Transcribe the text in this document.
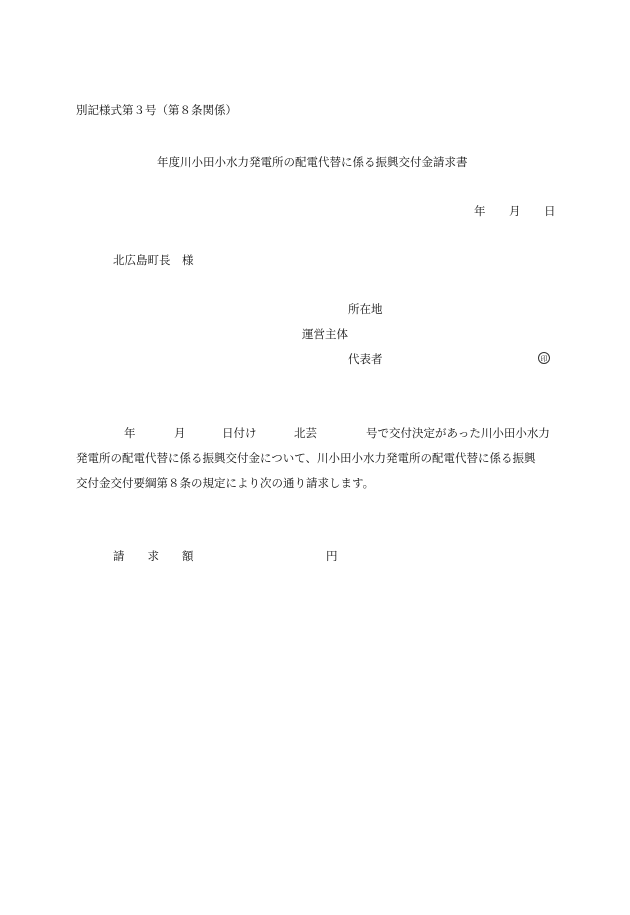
別記様式第３号（第８条関係）
年度川小田小水力発電所の配電代替に係る振興交付金請求書
年 月 日
北広島町長　様
所在地
運営主体
代表者	印
年	月	日付け	北芸	号で交付決定があった川小田小水力
発電所の配電代替に係る振興交付金について、川小田小水力発電所の配電代替に係る振興
交付金交付要綱第８条の規定により次の通り請求します。
請　　求　　額	円
